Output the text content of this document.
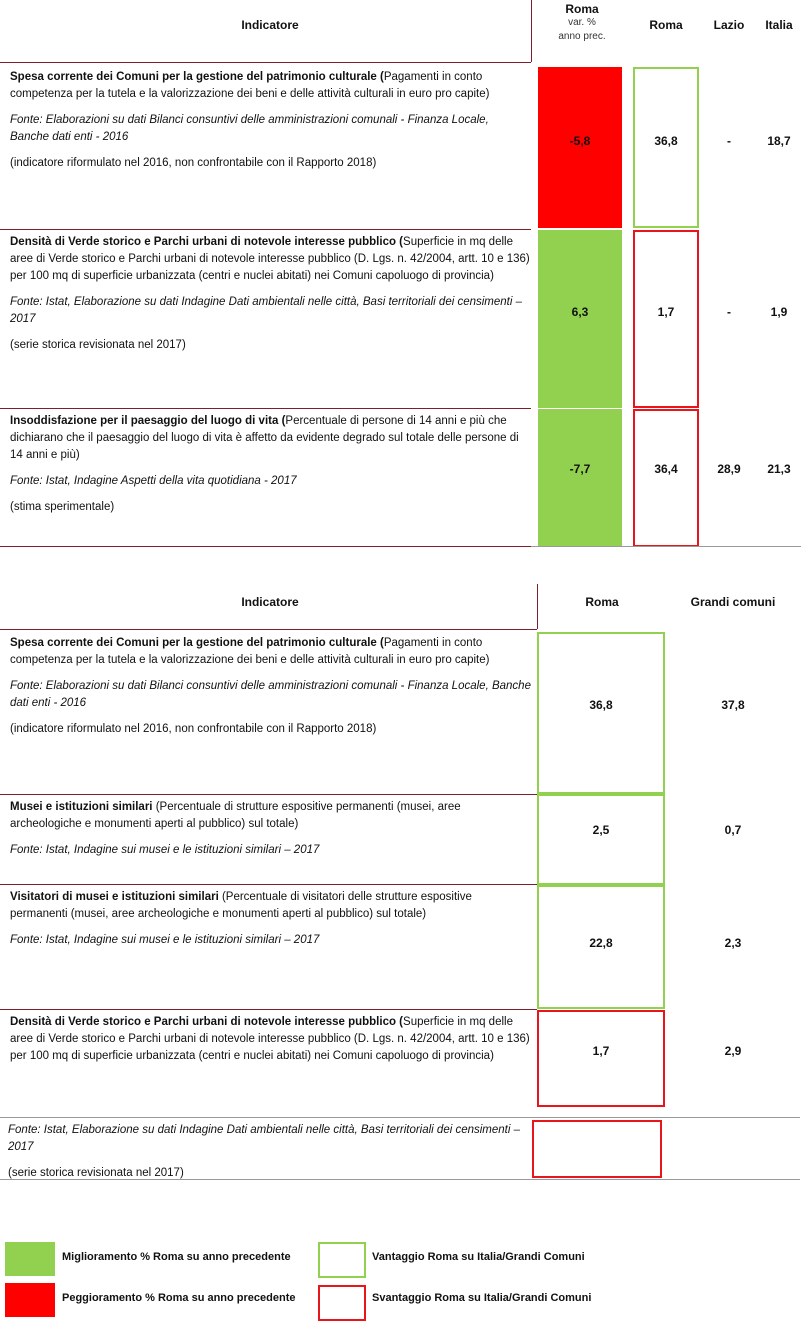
Indicatore
Roma
var. %
anno prec.
Roma	Lazio	Italia

Spesa corrente dei Comuni per la gestione del patrimonio culturale (Pagamenti in conto competenza per la tutela e la valorizzazione dei beni e delle attività culturali in euro pro capite)

Fonte: Elaborazioni su dati Bilanci consuntivi delle amministrazioni comunali - Finanza Locale, Banche dati enti - 2016

(indicatore riformulato nel 2016, non confrontabile con il Rapporto 2018)

-5,8	36,8	-	18,7

Densità di Verde storico e Parchi urbani di notevole interesse pubblico (Superficie in mq delle aree di Verde storico e Parchi urbani di notevole interesse pubblico (D. Lgs. n. 42/2004, artt. 10 e 136) per 100 mq di superficie urbanizzata (centri e nuclei abitati) nei Comuni capoluogo di provincia)

Fonte: Istat, Elaborazione su dati Indagine Dati ambientali nelle città, Basi territoriali dei censimenti – 2017

(serie storica revisionata nel 2017)

6,3	1,7	-	1,9

Insoddisfazione per il paesaggio del luogo di vita (Percentuale di persone di 14 anni e più che dichiarano che il paesaggio del luogo di vita è affetto da evidente degrado sul totale delle persone di 14 anni e più)

Fonte: Istat, Indagine Aspetti della vita quotidiana - 2017

(stima sperimentale)

-7,7	36,4	28,9	21,3
Indicatore	Roma	Grandi comuni

Spesa corrente dei Comuni per la gestione del patrimonio culturale (Pagamenti in conto competenza per la tutela e la valorizzazione dei beni e delle attività culturali in euro pro capite)

Fonte: Elaborazioni su dati Bilanci consuntivi delle amministrazioni comunali - Finanza Locale, Banche dati enti - 2016

(indicatore riformulato nel 2016, non confrontabile con il Rapporto 2018)

36,8	37,8

Musei e istituzioni similari (Percentuale di strutture espositive permanenti (musei, aree archeologiche e monumenti aperti al pubblico) sul totale)

Fonte: Istat, Indagine sui musei e le istituzioni similari – 2017

2,5	0,7

Visitatori di musei e istituzioni similari (Percentuale di visitatori delle strutture espositive permanenti (musei, aree archeologiche e monumenti aperti al pubblico) sul totale)

Fonte: Istat, Indagine sui musei e le istituzioni similari – 2017	22,8	2,3

Densità di Verde storico e Parchi urbani di notevole interesse pubblico (Superficie in mq delle aree di Verde storico e Parchi urbani di notevole interesse pubblico (D. Lgs. n. 42/2004, artt. 10 e 136) per 100 mq di superficie urbanizzata (centri e nuclei abitati) nei Comuni capoluogo di provincia)	1,7	2,9

Fonte: Istat, Elaborazione su dati Indagine Dati ambientali nelle città, Basi territoriali dei censimenti – 2017

(serie storica revisionata nel 2017)

Miglioramento % Roma su anno precedente
Peggioramento % Roma su anno precedente
Vantaggio Roma su Italia/Grandi Comuni
Svantaggio Roma su Italia/Grandi Comuni
